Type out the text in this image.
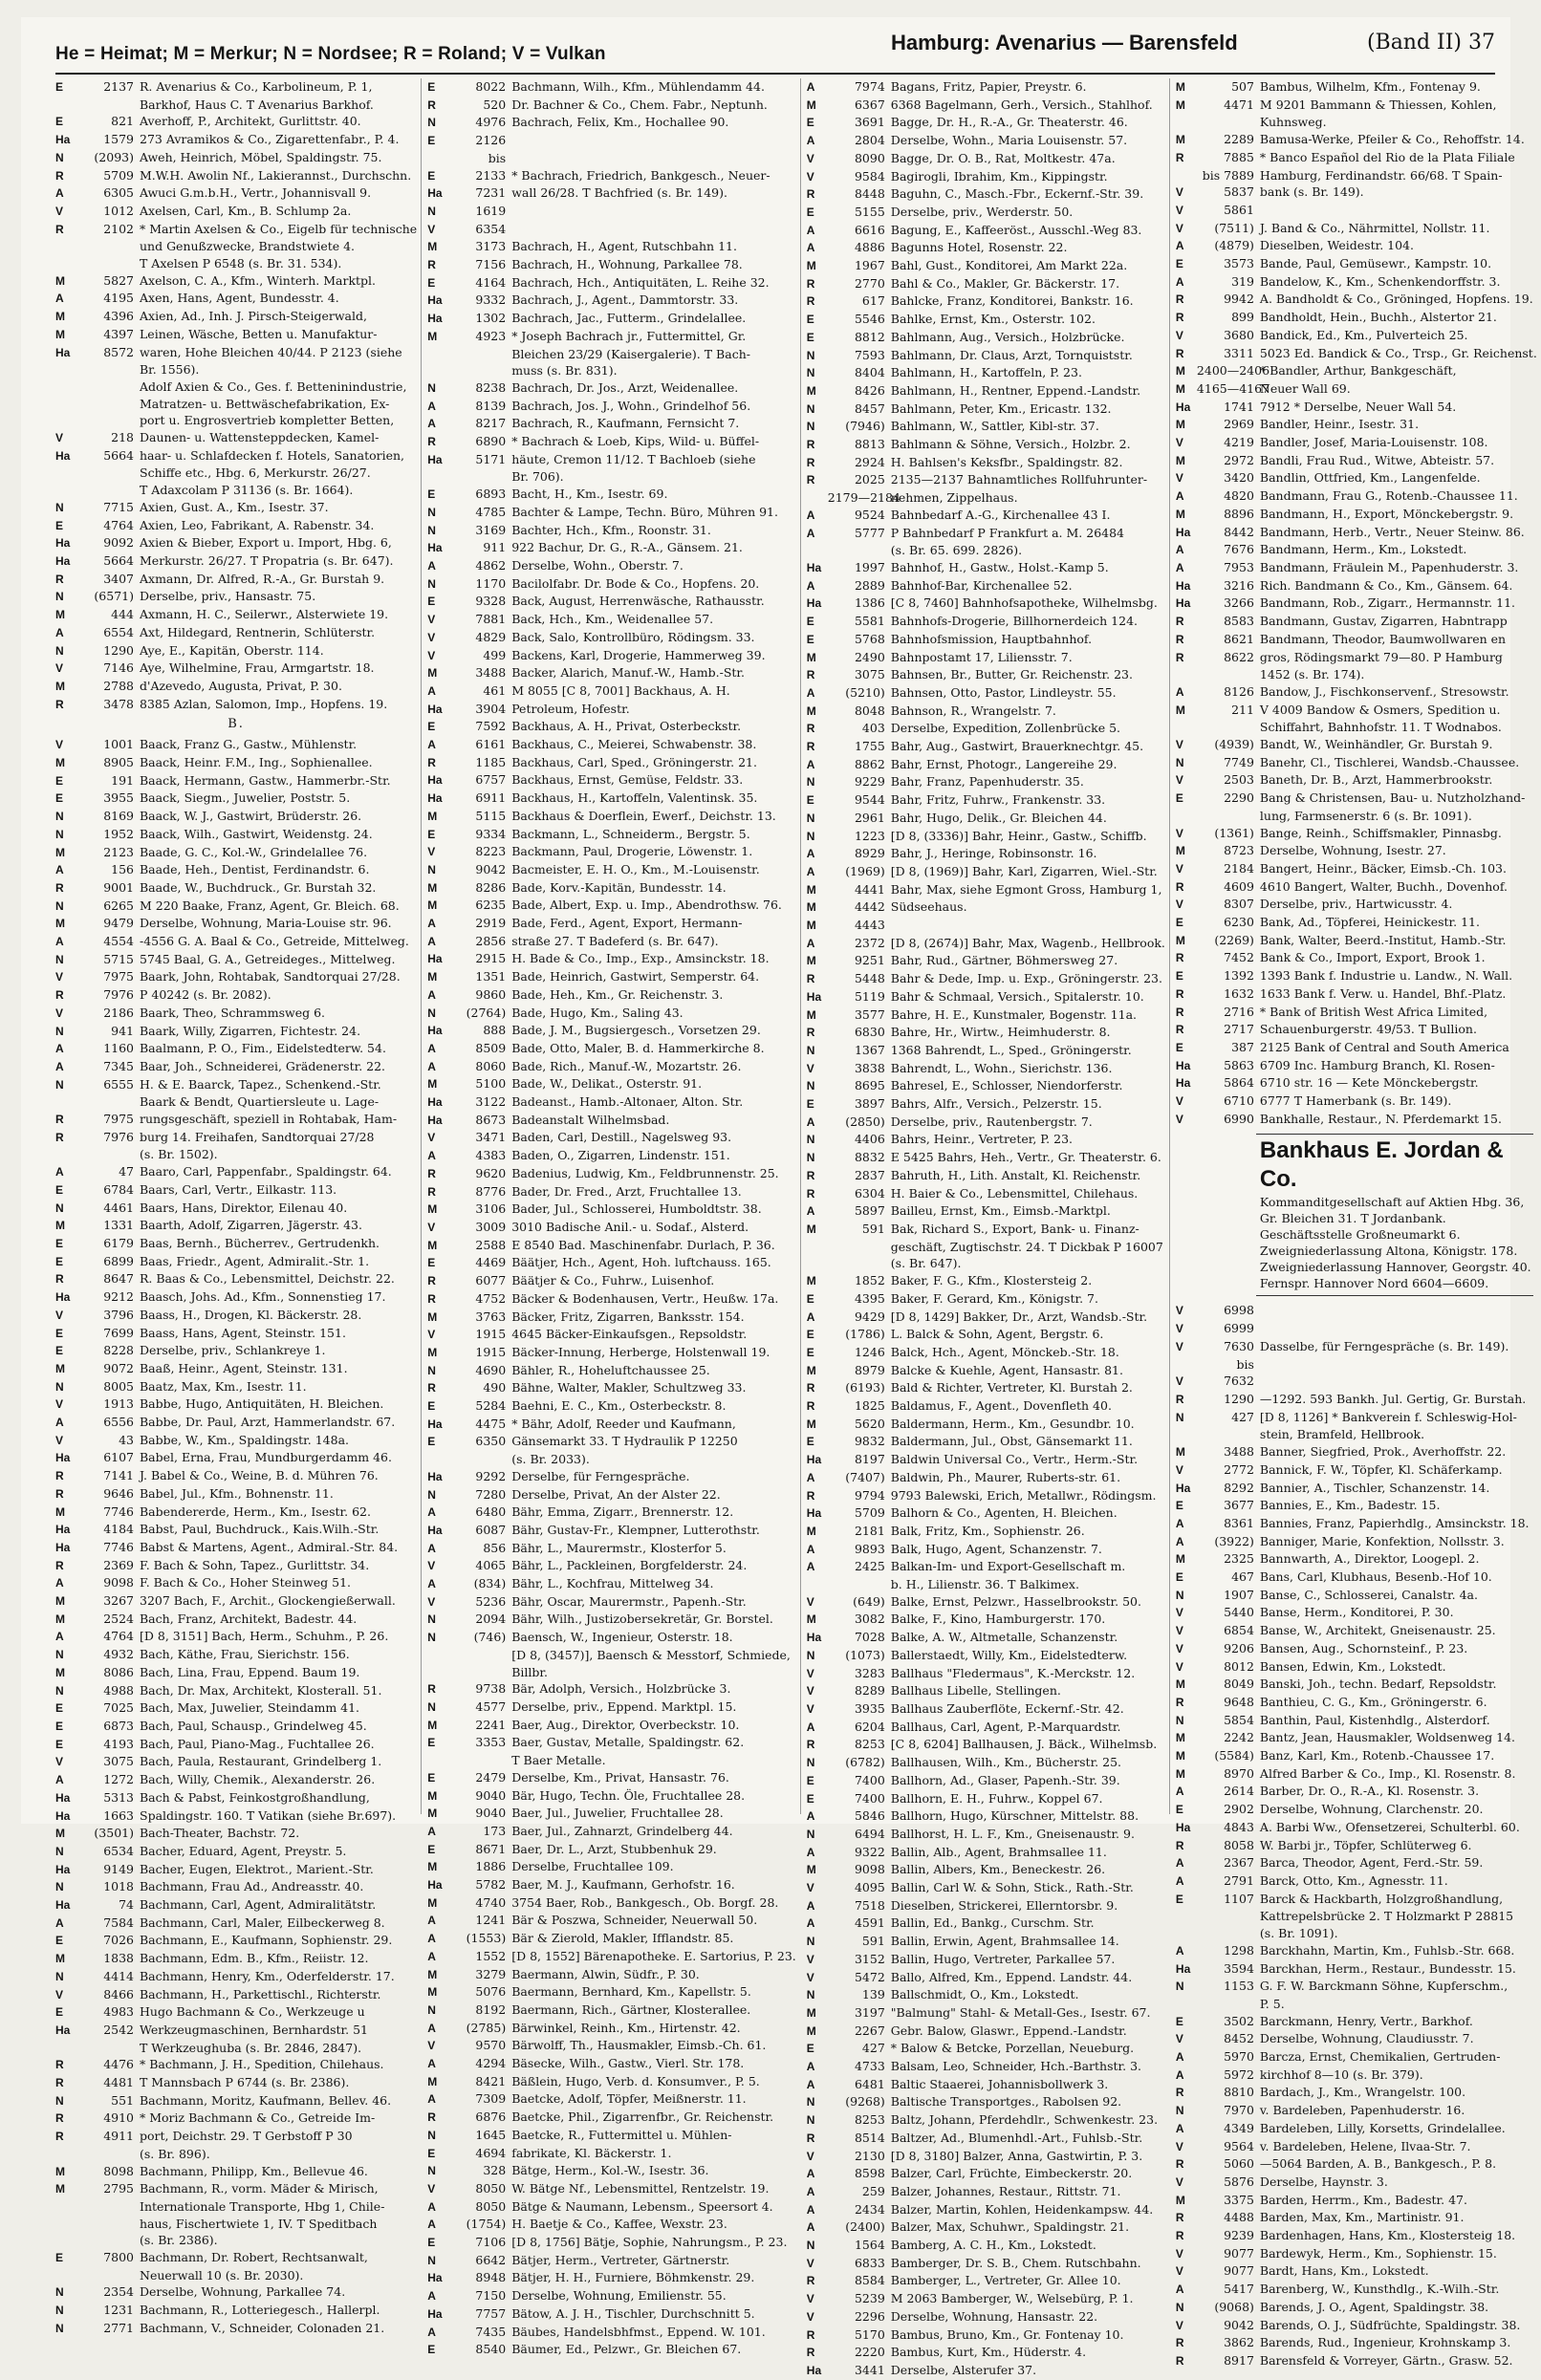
He = Heimat; M = Merkur; N = Nordsee; R = Roland; V = Vulkan	Hamburg: Avenarius — Barensfeld	(Band II) 37
E	2137 R. Avenarius & Co., Karbolineum, P. 1,
Barkhof, Haus C. T Avenarius Barkhof.
E	821 Averhoff, P., Architekt, Gurlittstr. 40.
Ha	1579 273 Avramikos & Co., Zigarettenfabr., P. 4.
N	(2093) Aweh, Heinrich, Möbel, Spaldingstr. 75.
R	5709 M.W.H. Awolin Nf., Lakierannst., Durchschn.
A	6305 Awuci G.m.b.H., Vertr., Johannisvall 9.
V	1012 Axelsen, Carl, Km., B. Schlump 2a.
R	2102 * Martin Axelsen & Co., Eigelb für technische
und Genußzwecke, Brandstwiete 4.
T Axelsen P 6548 (s. Br. 31. 534).
M	5827 Axelson, C. A., Kfm., Winterh. Marktpl.
A	4195 Axen, Hans, Agent, Bundesstr. 4.
M	4396 Axien, Ad., Inh. J. Pirsch-Steigerwald,
M	4397 Leinen, Wäsche, Betten u. Manufaktur-
Ha	8572 waren, Hohe Bleichen 40/44. P 2123 (siehe
Br. 1556).
Adolf Axien & Co., Ges. f. Betteninindustrie,
Matratzen- u. Bettwäschefabrikation, Ex-
port u. Engrosvertrieb kompletter Betten,
V	218 Daunen- u. Wattensteppdecken, Kamel-
Ha	5664 haar- u. Schlafdecken f. Hotels, Sanatorien,
Schiffe etc., Hbg. 6, Merkurstr. 26/27.
T Adaxcolam P 31136 (s. Br. 1664).
N	7715 Axien, Gust. A., Km., Isestr. 37.
E	4764 Axien, Leo, Fabrikant, A. Rabenstr. 34.
Ha	9092 Axien & Bieber, Export u. Import, Hbg. 6,
Ha	5664 Merkurstr. 26/27. T Propatria (s. Br. 647).
R	3407 Axmann, Dr. Alfred, R.-A., Gr. Burstah 9.
N	(6571) Derselbe, priv., Hansastr. 75.
M	444 Axmann, H. C., Seilerwr., Alsterwiete 19.
A	6554 Axt, Hildegard, Rentnerin, Schlüterstr.
N	1290 Aye, E., Kapitän, Oberstr. 114.
V	7146 Aye, Wilhelmine, Frau, Armgartstr. 18.
M	2788 d'Azevedo, Augusta, Privat, P. 30.
R	3478 8385 Azlan, Salomon, Imp., Hopfens. 19.
B.
V	1001 Baack, Franz G., Gastw., Mühlenstr.
M	8905 Baack, Heinr. F.M., Ing., Sophienallee.
E	191 Baack, Hermann, Gastw., Hammerbr.-Str.
E	3955 Baack, Siegm., Juwelier, Poststr. 5.
N	8169 Baack, W. J., Gastwirt, Brüderstr. 26.
N	1952 Baack, Wilh., Gastwirt, Weidenstg. 24.
M	2123 Baade, G. C., Kol.-W., Grindelallee 76.
A	156 Baade, Heh., Dentist, Ferdinandstr. 6.
R	9001 Baade, W., Buchdruck., Gr. Burstah 32.
N	6265 M 220 Baake, Franz, Agent, Gr. Bleich. 68.
M	9479 Derselbe, Wohnung, Maria-Louise str. 96.
A	4554 -4556 G. A. Baal & Co., Getreide, Mittelweg.
N	5715 5745 Baal, G. A., Getreideges., Mittelweg.
V	7975 Baark, John, Rohtabak, Sandtorquai 27/28.
R	7976 P 40242 (s. Br. 2082).
V	2186 Baark, Theo, Schrammsweg 6.
N	941 Baark, Willy, Zigarren, Fichtestr. 24.
A	1160 Baalmann, P. O., Fim., Eidelstedterw. 54.
A	7345 Baar, Joh., Schneiderei, Grädenerstr. 22.
N	6555 H. & E. Baarck, Tapez., Schenkend.-Str.
Baark & Bendt, Quartiersleute u. Lage-
R	7975 rungsgeschäft, speziell in Rohtabak, Ham-
R	7976 burg 14. Freihafen, Sandtorquai 27/28
(s. Br. 1502).
A	47 Baaro, Carl, Pappenfabr., Spaldingstr. 64.
E	6784 Baars, Carl, Vertr., Eilkastr. 113.
N	4461 Baars, Hans, Direktor, Eilenau 40.
M	1331 Baarth, Adolf, Zigarren, Jägerstr. 43.
E	6179 Baas, Bernh., Bücherrev., Gertrudenkh.
E	6899 Baas, Friedr., Agent, Admiralit.-Str. 1.
R	8647 R. Baas & Co., Lebensmittel, Deichstr. 22.
Ha	9212 Baasch, Johs. Ad., Kfm., Sonnenstieg 17.
V	3796 Baass, H., Drogen, Kl. Bäckerstr. 28.
E	7699 Baass, Hans, Agent, Steinstr. 151.
E	8228 Derselbe, priv., Schlankreye 1.
M	9072 Baaß, Heinr., Agent, Steinstr. 131.
N	8005 Baatz, Max, Km., Isestr. 11.
V	1913 Babbe, Hugo, Antiquitäten, H. Bleichen.
A	6556 Babbe, Dr. Paul, Arzt, Hammerlandstr. 67.
V	43 Babbe, W., Km., Spaldingstr. 148a.
Ha	6107 Babel, Erna, Frau, Mundburgerdamm 46.
R	7141 J. Babel & Co., Weine, B. d. Mühren 76.
R	9646 Babel, Jul., Kfm., Bohnenstr. 11.
M	7746 Babendererde, Herm., Km., Isestr. 62.
Ha	4184 Babst, Paul, Buchdruck., Kais.Wilh.-Str.
Ha	7746 Babst & Martens, Agent., Admiral.-Str. 84.
R	2369 F. Bach & Sohn, Tapez., Gurlittstr. 34.
A	9098 F. Bach & Co., Hoher Steinweg 51.
M	3267 3207 Bach, F., Archit., Glockengießerwall.
M	2524 Bach, Franz, Architekt, Badestr. 44.
A	4764 [D 8, 3151] Bach, Herm., Schuhm., P. 26.
N	4932 Bach, Käthe, Frau, Sierichstr. 156.
M	8086 Bach, Lina, Frau, Eppend. Baum 19.
N	4988 Bach, Dr. Max, Architekt, Klosterall. 51.
E	7025 Bach, Max, Juwelier, Steindamm 41.
E	6873 Bach, Paul, Schausp., Grindelweg 45.
E	4193 Bach, Paul, Piano-Mag., Fuchtallee 26.
V	3075 Bach, Paula, Restaurant, Grindelberg 1.
A	1272 Bach, Willy, Chemik., Alexanderstr. 26.
Ha	5313 Bach & Pabst, Feinkostgroßhandlung,
Ha	1663 Spaldingstr. 160. T Vatikan (siehe Br.697).
M	(3501) Bach-Theater, Bachstr. 72.
N	6534 Bacher, Eduard, Agent, Preystr. 5.
Ha	9149 Bacher, Eugen, Elektrot., Marient.-Str.
N	1018 Bachmann, Frau Ad., Andreasstr. 40.
Ha	74 Bachmann, Carl, Agent, Admiralitätstr.
A	7584 Bachmann, Carl, Maler, Eilbeckerweg 8.
E	7026 Bachmann, E., Kaufmann, Sophienstr. 29.
M	1838 Bachmann, Edm. B., Kfm., Reiistr. 12.
N	4414 Bachmann, Henry, Km., Oderfelderstr. 17.
V	8466 Bachmann, H., Parkettischl., Richterstr.
E	4983 Hugo Bachmann & Co., Werkzeuge u
Ha	2542 Werkzeugmaschinen, Bernhardstr. 51
T Werkzeughuba (s. Br. 2846, 2847).
R	4476 * Bachmann, J. H., Spedition, Chilehaus.
R	4481 T Mannsbach P 6744 (s. Br. 2386).
N	551 Bachmann, Moritz, Kaufmann, Bellev. 46.
R	4910 * Moriz Bachmann & Co., Getreide Im-
R	4911 port, Deichstr. 29. T Gerbstoff P 30
(s. Br. 896).
M	8098 Bachmann, Philipp, Km., Bellevue 46.
M	2795 Bachmann, R., vorm. Mäder & Mirisch,
Internationale Transporte, Hbg 1, Chile-
haus, Fischertwiete 1, IV. T Speditbach
(s. Br. 2386).
E	7800 Bachmann, Dr. Robert, Rechtsanwalt,
Neuerwall 10 (s. Br. 2030).
N	2354 Derselbe, Wohnung, Parkallee 74.
N	1231 Bachmann, R., Lotteriegesch., Hallerpl.
N	2771 Bachmann, V., Schneider, Colonaden 21.
E	8022 Bachmann, Wilh., Kfm., Mühlendamm 44.
R	520 Dr. Bachner & Co., Chem. Fabr., Neptunh.
N	4976 Bachrach, Felix, Km., Hochallee 90.
E	2126
bis
E	2133 * Bachrach, Friedrich, Bankgesch., Neuer-
Ha	7231 wall 26/28. T Bachfried (s. Br. 149).
N	1619
V	6354
M	3173 Bachrach, H., Agent, Rutschbahn 11.
R	7156 Bachrach, H., Wohnung, Parkallee 78.
E	4164 Bachrach, Hch., Antiquitäten, L. Reihe 32.
Ha	9332 Bachrach, J., Agent., Dammtorstr. 33.
Ha	1302 Bachrach, Jac., Futterm., Grindelallee.
M	4923 * Joseph Bachrach jr., Futtermittel, Gr.
Bleichen 23/29 (Kaisergalerie). T Bach-
muss (s. Br. 831).
N	8238 Bachrach, Dr. Jos., Arzt, Weidenallee.
A	8139 Bachrach, Jos. J., Wohn., Grindelhof 56.
A	8217 Bachrach, R., Kaufmann, Fernsicht 7.
R	6890 * Bachrach & Loeb, Kips, Wild- u. Büffel-
Ha	5171 häute, Cremon 11/12. T Bachloeb (siehe
Br. 706).
E	6893 Bacht, H., Km., Isestr. 69.
N	4785 Bachter & Lampe, Techn. Büro, Mühren 91.
N	3169 Bachter, Hch., Kfm., Roonstr. 31.
Ha	911 922 Bachur, Dr. G., R.-A., Gänsem. 21.
A	4862 Derselbe, Wohn., Oberstr. 7.
N	1170 Bacilolfabr. Dr. Bode & Co., Hopfens. 20.
E	9328 Back, August, Herrenwäsche, Rathausstr.
V	7881 Back, Hch., Km., Weidenallee 57.
V	4829 Back, Salo, Kontrollbüro, Rödingsm. 33.
V	499 Backens, Karl, Drogerie, Hammerweg 39.
M	3488 Backer, Alarich, Manuf.-W., Hamb.-Str.
A	461 M 8055 [C 8, 7001] Backhaus, A. H.
Ha	3904 Petroleum, Hofestr.
E	7592 Backhaus, A. H., Privat, Osterbeckstr.
A	6161 Backhaus, C., Meierei, Schwabenstr. 38.
R	1185 Backhaus, Carl, Sped., Gröningerstr. 21.
Ha	6757 Backhaus, Ernst, Gemüse, Feldstr. 33.
Ha	6911 Backhaus, H., Kartoffeln, Valentinsk. 35.
M	5115 Backhaus & Doerflein, Ewerf., Deichstr. 13.
E	9334 Backmann, L., Schneiderm., Bergstr. 5.
V	8223 Backmann, Paul, Drogerie, Löwenstr. 1.
N	9042 Bacmeister, E. H. O., Km., M.-Louisenstr.
M	8286 Bade, Korv.-Kapitän, Bundesstr. 14.
M	6235 Bade, Albert, Exp. u. Imp., Abendrothsw. 76.
A	2919 Bade, Ferd., Agent, Export, Hermann-
A	2856 straße 27. T Badeferd (s. Br. 647).
Ha	2915 H. Bade & Co., Imp., Exp., Amsinckstr. 18.
M	1351 Bade, Heinrich, Gastwirt, Semperstr. 64.
A	9860 Bade, Heh., Km., Gr. Reichenstr. 3.
N	(2764) Bade, Hugo, Km., Saling 43.
Ha	888 Bade, J. M., Bugsiergesch., Vorsetzen 29.
A	8509 Bade, Otto, Maler, B. d. Hammerkirche 8.
A	8060 Bade, Rich., Manuf.-W., Mozartstr. 26.
M	5100 Bade, W., Delikat., Osterstr. 91.
Ha	3122 Badeanst., Hamb.-Altonaer, Alton. Str.
Ha	8673 Badeanstalt Wilhelmsbad.
V	3471 Baden, Carl, Destill., Nagelsweg 93.
A	4383 Baden, O., Zigarren, Lindenstr. 151.
R	9620 Badenius, Ludwig, Km., Feldbrunnenstr. 25.
R	8776 Bader, Dr. Fred., Arzt, Fruchtallee 13.
M	3106 Bader, Jul., Schlosserei, Humboldtstr. 38.
V	3009 3010 Badische Anil.- u. Sodaf., Alsterd.
M	2588 E 8540 Bad. Maschinenfabr. Durlach, P. 36.
E	4469 Bäätjer, Hch., Agent, Hoh. luftchauss. 165.
R	6077 Bäätjer & Co., Fuhrw., Luisenhof.
R	4752 Bäcker & Bodenhausen, Vertr., Heußw. 17a.
M	3763 Bäcker, Fritz, Zigarren, Banksstr. 154.
V	1915 4645 Bäcker-Einkaufsgen., Repsoldstr.
M	1915 Bäcker-Innung, Herberge, Holstenwall 19.
N	4690 Bähler, R., Hoheluftchaussee 25.
R	490 Bähne, Walter, Makler, Schultzweg 33.
E	5284 Baehni, E. C., Km., Osterbeckstr. 8.
Ha	4475 * Bähr, Adolf, Reeder und Kaufmann,
E	6350 Gänsemarkt 33. T Hydraulik P 12250
(s. Br. 2033).
Ha	9292 Derselbe, für Ferngespräche.
N	7280 Derselbe, Privat, An der Alster 22.
A	6480 Bähr, Emma, Zigarr., Brennerstr. 12.
Ha	6087 Bähr, Gustav-Fr., Klempner, Lutterothstr.
A	856 Bähr, L., Maurermstr., Klosterfor 5.
V	4065 Bähr, L., Packleinen, Borgfelderstr. 24.
A	(834) Bähr, L., Kochfrau, Mittelweg 34.
V	5236 Bähr, Oscar, Maurermstr., Papenh.-Str.
N	2094 Bähr, Wilh., Justizobersekretär, Gr. Borstel.
N	(746) Baensch, W., Ingenieur, Osterstr. 18.
[D 8, (3457)], Baensch & Messtorf, Schmiede,
Billbr.
R	9738 Bär, Adolph, Versich., Holzbrücke 3.
N	4577 Derselbe, priv., Eppend. Marktpl. 15.
M	2241 Baer, Aug., Direktor, Overbeckstr. 10.
E	3353 Baer, Gustav, Metalle, Spaldingstr. 62.
T Baer Metalle.
E	2479 Derselbe, Km., Privat, Hansastr. 76.
M	9040 Bär, Hugo, Techn. Öle, Fruchtallee 28.
M	9040 Baer, Jul., Juwelier, Fruchtallee 28.
A	173 Baer, Jul., Zahnarzt, Grindelberg 44.
E	8671 Baer, Dr. L., Arzt, Stubbenhuk 29.
M	1886 Derselbe, Fruchtallee 109.
Ha	5782 Baer, M. J., Kaufmann, Gerhofstr. 16.
M	4740 3754 Baer, Rob., Bankgesch., Ob. Borgf. 28.
A	1241 Bär & Poszwa, Schneider, Neuerwall 50.
A	(1553) Bär & Zierold, Makler, Ifflandstr. 85.
A	1552 [D 8, 1552] Bärenapotheke. E. Sartorius, P. 23.
M	3279 Baermann, Alwin, Südfr., P. 30.
M	5076 Baermann, Bernhard, Km., Kapellstr. 5.
N	8192 Baermann, Rich., Gärtner, Klosterallee.
A	(2785) Bärwinkel, Reinh., Km., Hirtenstr. 42.
V	9570 Bärwolff, Th., Hausmakler, Eimsb.-Ch. 61.
A	4294 Bäsecke, Wilh., Gastw., Vierl. Str. 178.
M	8421 Bäßlein, Hugo, Verb. d. Konsumver., P. 5.
A	7309 Baetcke, Adolf, Töpfer, Meißnerstr. 11.
R	6876 Baetcke, Phil., Zigarrenfbr., Gr. Reichenstr.
N	1645 Baetcke, R., Futtermittel u. Mühlen-
E	4694 fabrikate, Kl. Bäckerstr. 1.
N	328 Bätge, Herm., Kol.-W., Isestr. 36.
V	8050 W. Bätge Nf., Lebensmittel, Rentzelstr. 19.
A	8050 Bätge & Naumann, Lebensm., Speersort 4.
A	(1754) H. Baetje & Co., Kaffee, Wexstr. 23.
E	7106 [D 8, 1756] Bätje, Sophie, Nahrungsm., P. 23.
N	6642 Bätjer, Herm., Vertreter, Gärtnerstr.
Ha	8948 Bätjer, H. H., Furniere, Böhmkenstr. 29.
A	7150 Derselbe, Wohnung, Emilienstr. 55.
Ha	7757 Bätow, A. J. H., Tischler, Durchschnitt 5.
A	7435 Bäubes, Handelsbhfmst., Eppend. W. 101.
E	8540 Bäumer, Ed., Pelzwr., Gr. Bleichen 67.
A	7974 Bagans, Fritz, Papier, Preystr. 6.
M	6367 6368 Bagelmann, Gerh., Versich., Stahlhof.
E	3691 Bagge, Dr. H., R.-A., Gr. Theaterstr. 46.
A	2804 Derselbe, Wohn., Maria Louisenstr. 57.
V	8090 Bagge, Dr. O. B., Rat, Moltkestr. 47a.
V	9584 Bagirogli, Ibrahim, Km., Kippingstr.
R	8448 Baguhn, C., Masch.-Fbr., Eckernf.-Str. 39.
E	5155 Derselbe, priv., Werderstr. 50.
A	6616 Bagung, E., Kaffeeröst., Ausschl.-Weg 83.
A	4886 Bagunns Hotel, Rosenstr. 22.
M	1967 Bahl, Gust., Konditorei, Am Markt 22a.
R	2770 Bahl & Co., Makler, Gr. Bäckerstr. 17.
R	617 Bahlcke, Franz, Konditorei, Bankstr. 16.
E	5546 Bahlke, Ernst, Km., Osterstr. 102.
E	8812 Bahlmann, Aug., Versich., Holzbrücke.
N	7593 Bahlmann, Dr. Claus, Arzt, Tornquiststr.
N	8404 Bahlmann, H., Kartoffeln, P. 23.
M	8426 Bahlmann, H., Rentner, Eppend.-Landstr.
N	8457 Bahlmann, Peter, Km., Ericastr. 132.
N	(7946) Bahlmann, W., Sattler, Kibl-str. 37.
R	8813 Bahlmann & Söhne, Versich., Holzbr. 2.
R	2924 H. Bahlsen's Keksfbr., Spaldingstr. 82.
R	2025 2135—2137 Bahnamtliches Rollfuhrunter-
2179—2184
nehmen, Zippelhaus.
A	9524 Bahnbedarf A.-G., Kirchenallee 43 I.
A	5777 P Bahnbedarf P Frankfurt a. M. 26484
(s. Br. 65. 699. 2826).
Ha	1997 Bahnhof, H., Gastw., Holst.-Kamp 5.
A	2889 Bahnhof-Bar, Kirchenallee 52.
Ha	1386 [C 8, 7460] Bahnhofsapotheke, Wilhelmsbg.
E	5581 Bahnhofs-Drogerie, Billhornerdeich 124.
E	5768 Bahnhofsmission, Hauptbahnhof.
M	2490 Bahnpostamt 17, Liliensstr. 7.
R	3075 Bahnsen, Br., Butter, Gr. Reichenstr. 23.
A	(5210) Bahnsen, Otto, Pastor, Lindleystr. 55.
M	8048 Bahnson, R., Wrangelstr. 7.
R	403 Derselbe, Expedition, Zollenbrücke 5.
R	1755 Bahr, Aug., Gastwirt, Brauerknechtgr. 45.
A	8862 Bahr, Ernst, Photogr., Langereihe 29.
N	9229 Bahr, Franz, Papenhuderstr. 35.
E	9544 Bahr, Fritz, Fuhrw., Frankenstr. 33.
N	2961 Bahr, Hugo, Delik., Gr. Bleichen 44.
N	1223 [D 8, (3336)] Bahr, Heinr., Gastw., Schiffb.
A	8929 Bahr, J., Heringe, Robinsonstr. 16.
A	(1969) [D 8, (1969)] Bahr, Karl, Zigarren, Wiel.-Str.
M	4441 Bahr, Max, siehe Egmont Gross, Hamburg 1,
M	4442 Südseehaus.
M	4443
A	2372 [D 8, (2674)] Bahr, Max, Wagenb., Hellbrook.
M	9251 Bahr, Rud., Gärtner, Böhmersweg 27.
R	5448 Bahr & Dede, Imp. u. Exp., Gröningerstr. 23.
Ha	5119 Bahr & Schmaal, Versich., Spitalerstr. 10.
M	3577 Bahre, H. E., Kunstmaler, Bogenstr. 11a.
R	6830 Bahre, Hr., Wirtw., Heimhuderstr. 8.
N	1367 1368 Bahrendt, L., Sped., Gröningerstr.
V	3838 Bahrendt, L., Wohn., Sierichstr. 136.
N	8695 Bahresel, E., Schlosser, Niendorferstr.
E	3897 Bahrs, Alfr., Versich., Pelzerstr. 15.
A	(2850) Derselbe, priv., Rautenbergstr. 7.
N	4406 Bahrs, Heinr., Vertreter, P. 23.
N	8832 E 5425 Bahrs, Heh., Vertr., Gr. Theaterstr. 6.
R	2837 Bahruth, H., Lith. Anstalt, Kl. Reichenstr.
R	6304 H. Baier & Co., Lebensmittel, Chilehaus.
A	5897 Bailleu, Ernst, Km., Eimsb.-Marktpl.
M	591 Bak, Richard S., Export, Bank- u. Finanz-
geschäft, Zugtischstr. 24. T Dickbak P 16007
(s. Br. 647).
M	1852 Baker, F. G., Kfm., Klostersteig 2.
E	4395 Baker, F. Gerard, Km., Königstr. 7.
A	9429 [D 8, 1429] Bakker, Dr., Arzt, Wandsb.-Str.
E	(1786) L. Balck & Sohn, Agent, Bergstr. 6.
E	1246 Balck, Hch., Agent, Mönckeb.-Str. 18.
M	8979 Balcke & Kuehle, Agent, Hansastr. 81.
R	(6193) Bald & Richter, Vertreter, Kl. Burstah 2.
R	1825 Baldamus, F., Agent., Dovenfleth 40.
M	5620 Baldermann, Herm., Km., Gesundbr. 10.
E	9832 Baldermann, Jul., Obst, Gänsemarkt 11.
Ha	8197 Baldwin Universal Co., Vertr., Herm.-Str.
A	(7407) Baldwin, Ph., Maurer, Ruberts-str. 61.
R	9794 9793 Balewski, Erich, Metallwr., Rödingsm.
Ha	5709 Balhorn & Co., Agenten, H. Bleichen.
M	2181 Balk, Fritz, Km., Sophienstr. 26.
A	9893 Balk, Hugo, Agent, Schanzenstr. 7.
A	2425 Balkan-Im- und Export-Gesellschaft m.
b. H., Lilienstr. 36. T Balkimex.
V	(649) Balke, Ernst, Pelzwr., Hasselbrookstr. 50.
M	3082 Balke, F., Kino, Hamburgerstr. 170.
Ha	7028 Balke, A. W., Altmetalle, Schanzenstr.
N	(1073) Ballerstaedt, Willy, Km., Eidelstedterw.
V	3283 Ballhaus "Fledermaus", K.-Merckstr. 12.
V	8289 Ballhaus Libelle, Stellingen.
V	3935 Ballhaus Zauberflöte, Eckernf.-Str. 42.
A	6204 Ballhaus, Carl, Agent, P.-Marquardstr.
R	8253 [C 8, 6204] Ballhausen, J. Bäck., Wilhelmsb.
N	(6782) Ballhausen, Wilh., Km., Bücherstr. 25.
E	7400 Ballhorn, Ad., Glaser, Papenh.-Str. 39.
E	7400 Ballhorn, E. H., Fuhrw., Koppel 67.
A	5846 Ballhorn, Hugo, Kürschner, Mittelstr. 88.
N	6494 Ballhorst, H. L. F., Km., Gneisenaustr. 9.
A	9322 Ballin, Alb., Agent, Brahmsallee 11.
M	9098 Ballin, Albers, Km., Beneckestr. 26.
V	4095 Ballin, Carl W. & Sohn, Stick., Rath.-Str.
A	7518 Dieselben, Strickerei, Ellerntorsbr. 9.
A	4591 Ballin, Ed., Bankg., Curschm. Str.
N	591 Ballin, Erwin, Agent, Brahmsallee 14.
V	3152 Ballin, Hugo, Vertreter, Parkallee 57.
V	5472 Ballo, Alfred, Km., Eppend. Landstr. 44.
N	139 Ballschmidt, O., Km., Lokstedt.
M	3197 "Balmung" Stahl- & Metall-Ges., Isestr. 67.
M	2267 Gebr. Balow, Glaswr., Eppend.-Landstr.
E	427 * Balow & Betcke, Porzellan, Neueburg.
A	4733 Balsam, Leo, Schneider, Hch.-Barthstr. 3.
A	6481 Baltic Staaerei, Johannisbollwerk 3.
N	(9268) Baltische Transportges., Rabolsen 92.
N	8253 Baltz, Johann, Pferdehdlr., Schwenkestr. 23.
R	8514 Baltzer, Ad., Blumenhdl.-Art., Fuhlsb.-Str.
V	2130 [D 8, 3180] Balzer, Anna, Gastwirtin, P. 3.
A	8598 Balzer, Carl, Früchte, Eimbeckerstr. 20.
A	259 Balzer, Johannes, Restaur., Rittstr. 71.
A	2434 Balzer, Martin, Kohlen, Heidenkampsw. 44.
A	(2400) Balzer, Max, Schuhwr., Spaldingstr. 21.
N	1564 Bamberg, A. C. H., Km., Lokstedt.
V	6833 Bamberger, Dr. S. B., Chem. Rutschbahn.
R	8584 Bamberger, L., Vertreter, Gr. Allee 10.
V	5239 M 2063 Bamberger, W., Welsebürg, P. 1.
V	2296 Derselbe, Wohnung, Hansastr. 22.
R	5170 Bambus, Bruno, Km., Gr. Fontenay 10.
R	2220 Bambus, Kurt, Km., Hüderstr. 4.
Ha	3441 Derselbe, Alsterufer 37.
M	507 Bambus, Wilhelm, Kfm., Fontenay 9.
M	4471 M 9201 Bammann & Thiessen, Kohlen,
Kuhnsweg.
M	2289 Bamusa-Werke, Pfeiler & Co., Rehoffstr. 14.
R	7885 * Banco Español del Rio de la Plata Filiale
bis 7889 Hamburg, Ferdinandstr. 66/68. T Spain-
V	5837 bank (s. Br. 149).
V	5861
V	(7511) J. Band & Co., Nährmittel, Nollstr. 11.
A	(4879) Dieselben, Weidestr. 104.
E	3573 Bande, Paul, Gemüsewr., Kampstr. 10.
A	319 Bandelow, K., Km., Schenkendorffstr. 3.
R	9942 A. Bandholdt & Co., Gröninged, Hopfens. 19.
R	899 Bandholdt, Hein., Buchh., Alstertor 21.
V	3680 Bandick, Ed., Km., Pulverteich 25.
R	3311 5023 Ed. Bandick & Co., Trsp., Gr. Reichenst.
M 2400—2406
* Bandler, Arthur, Bankgeschäft,
M 4165—4167
Neuer Wall 69.
Ha	1741 7912 * Derselbe, Neuer Wall 54.
M	2969 Bandler, Heinr., Isestr. 31.
V	4219 Bandler, Josef, Maria-Louisenstr. 108.
M	2972 Bandli, Frau Rud., Witwe, Abteistr. 57.
V	3420 Bandlin, Ottfried, Km., Langenfelde.
A	4820 Bandmann, Frau G., Rotenb.-Chaussee 11.
M	8896 Bandmann, H., Export, Mönckebergstr. 9.
Ha	8442 Bandmann, Herb., Vertr., Neuer Steinw. 86.
A	7676 Bandmann, Herm., Km., Lokstedt.
A	7953 Bandmann, Fräulein M., Papenhuderstr. 3.
Ha	3216 Rich. Bandmann & Co., Km., Gänsem. 64.
Ha	3266 Bandmann, Rob., Zigarr., Hermannstr. 11.
R	8583 Bandmann, Gustav, Zigarren, Habntrapp
R	8621 Bandmann, Theodor, Baumwollwaren en
R	8622 gros, Rödingsmarkt 79—80. P Hamburg
1452 (s. Br. 174).
A	8126 Bandow, J., Fischkonservenf., Stresowstr.
M	211 V 4009 Bandow & Osmers, Spedition u.
Schiffahrt, Bahnhofstr. 11. T Wodnabos.
V	(4939) Bandt, W., Weinhändler, Gr. Burstah 9.
N	7749 Banehr, Cl., Tischlerei, Wandsb.-Chaussee.
V	2503 Baneth, Dr. B., Arzt, Hammerbrookstr.
E	2290 Bang & Christensen, Bau- u. Nutzholzhand-
lung, Farmsenerstr. 6 (s. Br. 1091).
V	(1361) Bange, Reinh., Schiffsmakler, Pinnasbg.
M	8723 Derselbe, Wohnung, Isestr. 27.
V	2184 Bangert, Heinr., Bäcker, Eimsb.-Ch. 103.
R	4609 4610 Bangert, Walter, Buchh., Dovenhof.
V	8307 Derselbe, priv., Hartwicusstr. 4.
E	6230 Bank, Ad., Töpferei, Heinickestr. 11.
M	(2269) Bank, Walter, Beerd.-Institut, Hamb.-Str.
R	7452 Bank & Co., Import, Export, Brook 1.
E	1392 1393 Bank f. Industrie u. Landw., N. Wall.
R	1632 1633 Bank f. Verw. u. Handel, Bhf.-Platz.
R	2716 * Bank of British West Africa Limited,
R	2717 Schauenburgerstr. 49/53. T Bullion.
E	387 2125 Bank of Central and South America
Ha	5863 6709 Inc. Hamburg Branch, Kl. Rosen-
Ha	5864 6710 str. 16 — Kete Mönckebergstr.
V	6710 6777 T Hamerbank (s. Br. 149).
V	6990 Bankhalle, Restaur., N. Pferdemarkt 15.
Bankhaus E. Jordan & Co.
Kommanditgesellschaft auf Aktien Hbg. 36, Gr. Bleichen 31. T Jordanbank. Geschäftsstelle Großneumarkt 6. Zweigniederlassung Altona, Königstr. 178. Zweigniederlassung Hannover, Georgstr. 40. Fernspr. Hannover Nord 6604—6609.
V	6998
V	6999
V	7630 Dasselbe, für Ferngespräche (s. Br. 149).
bis
V	7632
R	1290 —1292. 593 Bankh. Jul. Gertig, Gr. Burstah.
N	427 [D 8, 1126] * Bankverein f. Schleswig-Hol-
stein, Bramfeld, Hellbrook.
M	3488 Banner, Siegfried, Prok., Averhoffstr. 22.
V	2772 Bannick, F. W., Töpfer, Kl. Schäferkamp.
Ha	8292 Bannier, A., Tischler, Schanzenstr. 14.
E	3677 Bannies, E., Km., Badestr. 15.
A	8361 Bannies, Franz, Papierhdlg., Amsinckstr. 18.
A	(3922) Banniger, Marie, Konfektion, Nollsstr. 3.
M	2325 Bannwarth, A., Direktor, Loogepl. 2.
E	467 Bans, Carl, Klubhaus, Besenb.-Hof 10.
N	1907 Banse, C., Schlosserei, Canalstr. 4a.
V	5440 Banse, Herm., Konditorei, P. 30.
V	6854 Banse, W., Architekt, Gneisenaustr. 25.
V	9206 Bansen, Aug., Schornsteinf., P. 23.
V	8012 Bansen, Edwin, Km., Lokstedt.
M	8049 Banski, Joh., techn. Bedarf, Repsoldstr.
R	9648 Banthieu, C. G., Km., Gröningerstr. 6.
N	5854 Banthin, Paul, Kistenhdlg., Alsterdorf.
M	2242 Bantz, Jean, Hausmakler, Woldsenweg 14.
M	(5584) Banz, Karl, Km., Rotenb.-Chaussee 17.
M	8970 Alfred Barber & Co., Imp., Kl. Rosenstr. 8.
A	2614 Barber, Dr. O., R.-A., Kl. Rosenstr. 3.
E	2902 Derselbe, Wohnung, Clarchenstr. 20.
Ha	4843 A. Barbi Ww., Ofensetzerei, Schulterbl. 60.
R	8058 W. Barbi jr., Töpfer, Schlüterweg 6.
A	2367 Barca, Theodor, Agent, Ferd.-Str. 59.
A	2791 Barck, Otto, Km., Agnesstr. 11.
E	1107 Barck & Hackbarth, Holzgroßhandlung,
Kattrepelsbrücke 2. T Holzmarkt P 28815
(s. Br. 1091).
A	1298 Barckhahn, Martin, Km., Fuhlsb.-Str. 668.
Ha	3594 Barckhan, Herm., Restaur., Bundesstr. 15.
N	1153 G. F. W. Barckmann Söhne, Kupferschm.,
P. 5.
E	3502 Barckmann, Henry, Vertr., Barkhof.
V	8452 Derselbe, Wohnung, Claudiusstr. 7.
A	5970 Barcza, Ernst, Chemikalien, Gertruden-
A	5972 kirchhof 8—10 (s. Br. 379).
R	8810 Bardach, J., Km., Wrangelstr. 100.
N	7970 v. Bardeleben, Papenhuderstr. 16.
A	4349 Bardeleben, Lilly, Korsetts, Grindelallee.
V	9564 v. Bardeleben, Helene, Ilvaa-Str. 7.
R	5060 —5064 Barden, A. B., Bankgesch., P. 8.
V	5876 Derselbe, Haynstr. 3.
M	3375 Barden, Herrm., Km., Badestr. 47.
R	4488 Barden, Max, Km., Martinistr. 91.
R	9239 Bardenhagen, Hans, Km., Klostersteig 18.
V	9077 Bardewyk, Herm., Km., Sophienstr. 15.
V	9077 Bardt, Hans, Km., Lokstedt.
A	5417 Barenberg, W., Kunsthdlg., K.-Wilh.-Str.
N	(9068) Barends, J. O., Agent, Spaldingstr. 38.
V	9042 Barends, O. J., Südfrüchte, Spaldingstr. 38.
R	3862 Barends, Rud., Ingenieur, Krohnskamp 3.
R	8917 Barensfeld & Vorreyer, Gärtn., Grasw. 52.
